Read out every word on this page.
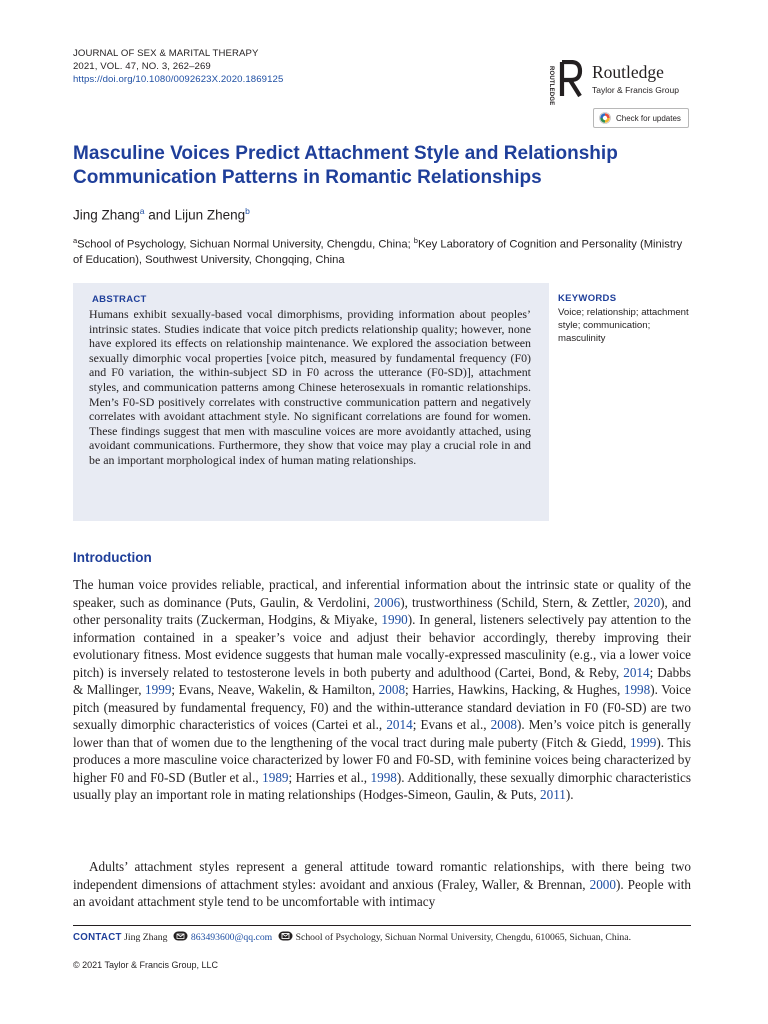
JOURNAL OF SEX & MARITAL THERAPY
2021, VOL. 47, NO. 3, 262–269
https://doi.org/10.1080/0092623X.2020.1869125	ROUTLEDGE Routledge
Taylor & Francis Group
Check for updates
Masculine Voices Predict Attachment Style and Relationship Communication Patterns in Romantic Relationships
Jing Zhang$^a$ and Lijun Zheng$^b$
$^a$School of Psychology, Sichuan Normal University, Chengdu, China; $^b$Key Laboratory of Cognition and Personality (Ministry of Education), Southwest University, Chongqing, China
ABSTRACT
Humans exhibit sexually-based vocal dimorphisms, providing information about peoples’ intrinsic states. Studies indicate that voice pitch predicts relationship quality; however, none have explored its effects on relationship maintenance. We explored the association between sexually dimorphic vocal properties [voice pitch, measured by fundamental frequency (F0) and F0 variation, the within-subject SD in F0 across the utterance (F0-SD)], attachment styles, and communication patterns among Chinese heterosexuals in romantic relationships. Men’s F0-SD positively correlates with constructive communication pattern and negatively correlates with avoidant attachment style. No significant correlations are found for women. These findings suggest that men with masculine voices are more avoidantly attached, using avoidant communications. Furthermore, they show that voice may play a crucial role in and be an important morphological index of human mating relationships.
KEYWORDS
Voice; relationship; attachment style; communication; masculinity
Introduction
The human voice provides reliable, practical, and inferential information about the intrinsic state or quality of the speaker, such as dominance (Puts, Gaulin, & Verdolini, 2006), trustworthiness (Schild, Stern, & Zettler, 2020), and other personality traits (Zuckerman, Hodgins, & Miyake, 1990). In general, listeners selectively pay attention to the information contained in a speaker’s voice and adjust their behavior accordingly, thereby improving their evolutionary fitness. Most evidence suggests that human male vocally-expressed masculinity (e.g., via a lower voice pitch) is inversely related to testosterone levels in both puberty and adulthood (Cartei, Bond, & Reby, 2014; Dabbs & Mallinger, 1999; Evans, Neave, Wakelin, & Hamilton, 2008; Harries, Hawkins, Hacking, & Hughes, 1998). Voice pitch (measured by fundamental frequency, F0) and the within-utterance standard deviation in F0 (F0-SD) are two sexually dimorphic characteristics of voices (Cartei et al., 2014; Evans et al., 2008). Men’s voice pitch is generally lower than that of women due to the lengthening of the vocal tract during male puberty (Fitch & Giedd, 1999). This produces a more masculine voice characterized by lower F0 and F0-SD, with feminine voices being characterized by higher F0 and F0-SD (Butler et al., 1989; Harries et al., 1998). Additionally, these sexually dimorphic characteristics usually play an important role in mating relationships (Hodges-Simeon, Gaulin, & Puts, 2011).
Adults’ attachment styles represent a general attitude toward romantic relationships, with there being two independent dimensions of attachment styles: avoidant and anxious (Fraley, Waller, & Brennan, 2000). People with an avoidant attachment style tend to be uncomfortable with intimacy
CONTACT Jing Zhang 863493600@qq.com School of Psychology, Sichuan Normal University, Chengdu, 610065, Sichuan, China.
© 2021 Taylor & Francis Group, LLC
